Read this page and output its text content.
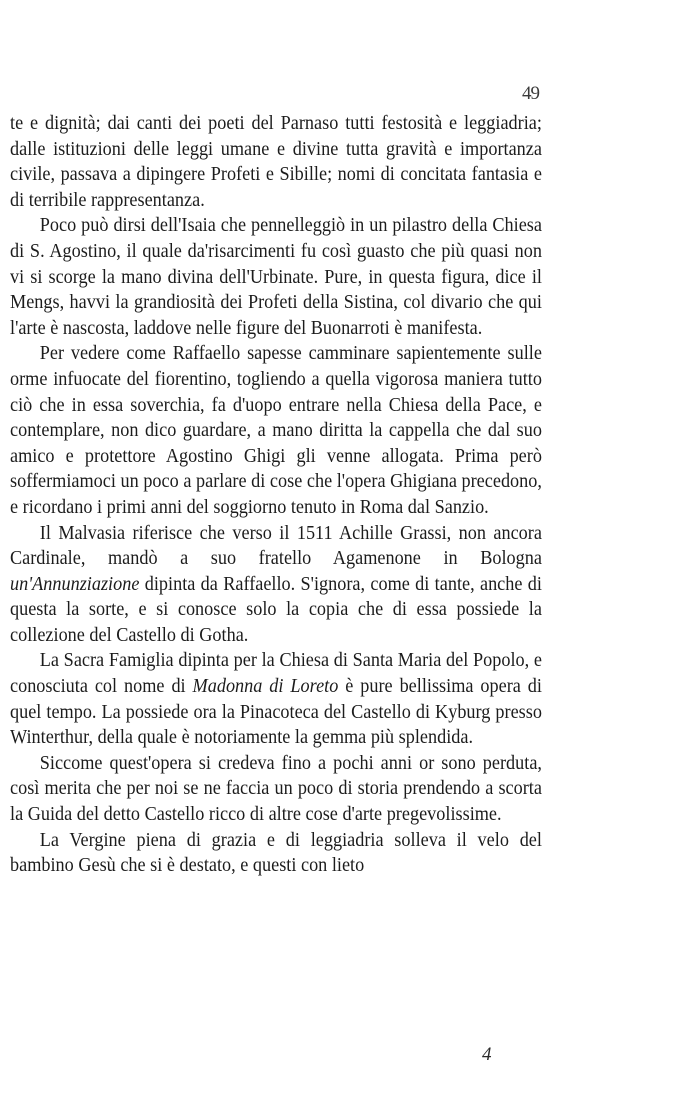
49

te e dignità; dai canti dei poeti del Parnaso tutti festosità e leggiadria; dalle istituzioni delle leggi umane e divine tutta gravità e importanza civile, passava a dipingere Profeti e Sibille; nomi di concitata fantasia e di terribile rappresentanza.

Poco può dirsi dell'Isaia che pennelleggiò in un pilastro della Chiesa di S. Agostino, il quale da'risarcimenti fu così guasto che più quasi non vi si scorge la mano divina dell'Urbinate. Pure, in questa figura, dice il Mengs, havvi la grandiosità dei Profeti della Sistina, col divario che qui l'arte è nascosta, laddove nelle figure del Buonarroti è manifesta.

Per vedere come Raffaello sapesse camminare sapientemente sulle orme infuocate del fiorentino, togliendo a quella vigorosa maniera tutto ciò che in essa soverchia, fa d'uopo entrare nella Chiesa della Pace, e contemplare, non dico guardare, a mano diritta la cappella che dal suo amico e protettore Agostino Ghigi gli venne allogata. Prima però soffermiamoci un poco a parlare di cose che l'opera Ghigiana precedono, e ricordano i primi anni del soggiorno tenuto in Roma dal Sanzio.

Il Malvasia riferisce che verso il 1511 Achille Grassi, non ancora Cardinale, mandò a suo fratello Agamenone in Bologna un'Annunziazione dipinta da Raffaello. S'ignora, come di tante, anche di questa la sorte, e si conosce solo la copia che di essa possiede la collezione del Castello di Gotha.

La Sacra Famiglia dipinta per la Chiesa di Santa Maria del Popolo, e conosciuta col nome di Madonna di Loreto è pure bellissima opera di quel tempo. La possiede ora la Pinacoteca del Castello di Kyburg presso Winterthur, della quale è notoriamente la gemma più splendida.

Siccome quest'opera si credeva fino a pochi anni or sono perduta, così merita che per noi se ne faccia un poco di storia prendendo a scorta la Guida del detto Castello ricco di altre cose d'arte pregevolissime.

La Vergine piena di grazia e di leggiadria solleva il velo del bambino Gesù che si è destato, e questi con lieto

4
